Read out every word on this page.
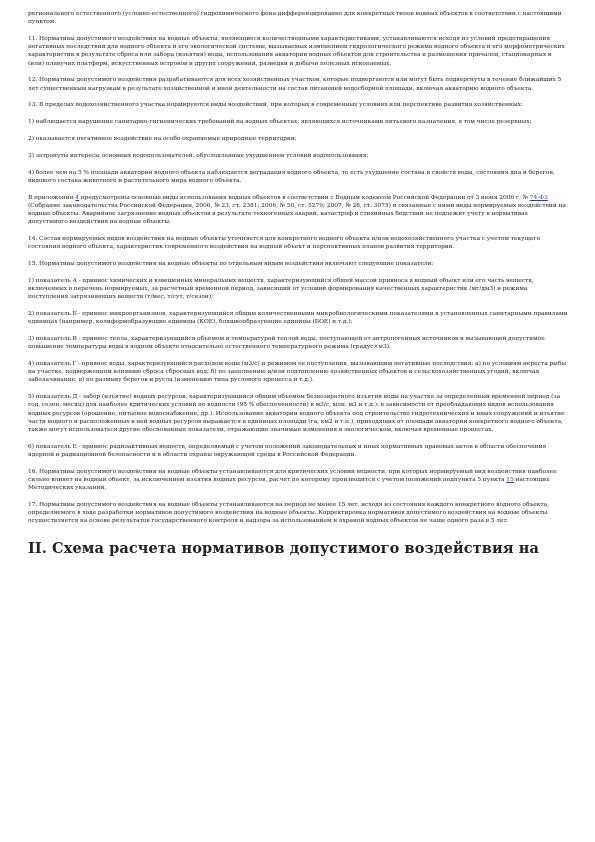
регионального естественного (условно-естественного) гидрохимического фона дифференцированно для конкретных типов водных объектов в соответствии с настоящими пунктом.

11. Нормативы допустимого воздействия на водные объекты, являющиеся количественными характеристиками, устанавливаются исходя из условий предотвращения негативных последствий для водного объекта и его экологической системы, вызываемых изменением гидрологического режима водного объекта и его морфометрических характеристик в результате сброса или забора (изъятия) воды, использования акватории водных объектов для строительства и размещения причалов, стационарных и (или) плавучих платформ, искусственных островов и других сооружений, разведки и добычи полезных ископаемых.

12. Нормативы допустимого воздействия разрабатываются для всех хозяйственных участков, которые подвергаются или могут быть подвергнуты в течение ближайших 5 лет существенным нагрузкам в результате хозяйственной и иной деятельности на состав питающей водосборной площади, включая акваторию водного объекта.

13. В пределах водохозяйственного участка нормируются виды воздействий, при которых в современных условиях или перспективе развития хозяйственных:

1) наблюдается нарушение санитарно-гигиенических требований на водных объектах, являющихся источниками питьевого назначения, в том числе резервных;

2) оказывается негативное воздействие на особо охраняемые природные территории;

3) затронуты интересы основных водопользователей, обусловленные ухудшением условий водопользования;

4) более чем на 5 % площади акватории водного объекта наблюдается деградация водного объекта, то есть ухудшение состава и свойств воды, состояния дна и берегов, видового состава животного и растительного мира водного объекта.

В приложении 4 предусмотрены основные виды использования водных объектов в соответствии с Водным кодексом Российской Федерации от 3 июня 2006 г. № 74-ФЗ (Собрание законодательства Российской Федерации, 2006, № 23, ст. 2381; 2006, № 50, ст. 5279; 2007, № 26, ст. 3075) и связанные с ними виды нормируемых воздействий на водные объекты. Аварийное загрязнение водных объектов в результате техногенных аварий, катастроф и стихийных бедствий не подлежит учету в нормативах допустимого воздействия на водные объекты.

14. Состав нормируемых видов воздействия на водные объекты уточняется для конкретного водного объекта и/или водохозяйственного участка с учетом текущего состояния водного объекта, характеристик современного воздействия на водный объект и перспективных планов развития территории.

15. Нормативы допустимого воздействия на водные объекты по отдельным видам воздействия включают следующие показатели:

1) показатель А - привнос химических и взвешенных минеральных веществ, характеризующийся общей массой привноса в водный объект или его часть веществ, включенных в перечень нормируемых, за расчетный временной период, зависящий от условий формирования качественных характеристик (мг/дм3) и режима поступления загрязняющих веществ (т/мес, т/сут, т/сезон);

2) показатель Б - привнос микроорганизмов, характеризующийся общим количественными микробиологическими показателями в установленных санитарными правилами единицах (например, колиформобразующие единицы (КОЕ), бляшкообразующие единицы (БОЕ) и т.д.);

3) показатель В - привнос тепла, характеризующийся объемом и температурой теплой воды, поступающей от антропогенных источников и вызывающей допустимое повышение температуры воды в водном объекте относительно естественного температурного режима (градус×м3).

4) показатель Г - привнос воды, характеризующийся расходом воды (м3/с) и режимом ее поступления, вызывающим негативные последствия: а) по условиям нереста рыбы на участке, подверженном влиянию сброса сбросных вод; б) по заполнению и/или подтоплению хозяйственных объектов и сельскохозяйственных угодий, включая заболачивание; в) по размыву берегов и русла (изменению типа руслового процесса и т.д.).

5) показатель Д - забор (изъятие) водных ресурсов, характеризующийся общим объемом безвозвратного изъятия воды на участке за определенный временной период (за год, сезон, месяц) для наиболее критических условий по водности (95 % обеспеченности) в м3/с, млн. м3 и т.д.); в зависимости от преобладающих видов использования водных ресурсов (орошение, питьевое водоснабжение, др.). Использование акватории водного объекта под строительство гидротехнических и иных сооружений и изъятие части водного и расположенных в ней водных ресурсов выражается в единицах площади (га, км2 и т.п.), приходящих от площади акватории конкретного водного объекта, также могут использоваться другие обоснованные показатели, отражающие значимые изменения в экологическом, включая временные процессах.

6) показатель Е - привнос радиоактивных веществ, определяемый с учетом положений законодательных и иных нормативных правовых актов в области обеспечения ядерной и радиационной безопасности и в области охраны окружающей среды в Российской Федерации.

16. Нормативы допустимого воздействия на водные объекты устанавливаются для критических условий водности, при которых нормируемый вид воздействия наиболее сильно влияет на водный объект, за исключением изъятия водных ресурсов, расчет по которому производится с учетом положений подпункта 5 пункта 15 настоящих Методических указаний.

17. Нормативы допустимого воздействия на водные объекты устанавливаются на период не менее 15 лет, исходя из состояния каждого конкретного водного объекта, определяемого в ходе разработки нормативов допустимого воздействия на водные объекты. Корректировка нормативов допустимого воздействия на водные объекты осуществляется на основе результатов государственного контроля и надзора за использованием и охраной водных объектов не чаще одного раза в 5 лет.

II. Схема расчета нормативов допустимого воздействия на
